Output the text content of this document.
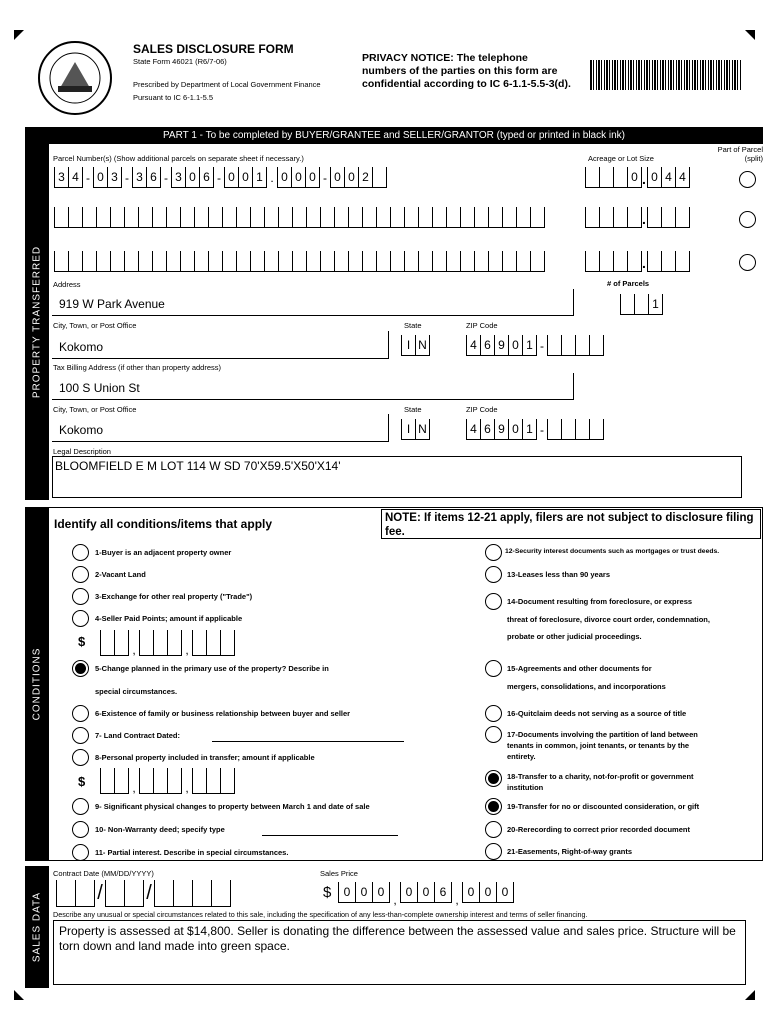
SALES DISCLOSURE FORM
State Form 46021 (R6/7-06)
Prescribed by Department of Local Government Finance
Pursuant to IC 6-1.1-5.5
PRIVACY NOTICE: The telephone numbers of the parties on this form are confidential according to IC 6-1.1-5.5-3(d).
PART 1 - To be completed by BUYER/GRANTEE and SELLER/GRANTOR (typed or printed in black ink)
PROPERTY TRANSFERRED
Parcel Number(s) (Show additional parcels on separate sheet if necessary.)	Acreage or Lot Size
Part of Parcel (split)
3 4 - 0 3 - 3 6 - 3 0 6 - 0 0 1 . 0 0 0 - 0 0 2	0 . 0 4 4
.
.
Address	# of Parcels
919 W Park Avenue	1
City, Town, or Post Office	State	ZIP Code
Kokomo	I N	4 6 9 0 1 -
Tax Billing Address (if other than property address)
100 S Union St
City, Town, or Post Office	State	ZIP Code
Kokomo	I N	4 6 9 0 1 -
Legal Description
BLOOMFIELD E M LOT 114 W SD 70'X59.5'X50'X14'
CONDITIONS
Identify all conditions/items that apply	NOTE: If items 12-21 apply, filers are not subject to disclosure filing fee.
1-Buyer is an adjacent property owner
2-Vacant Land
3-Exchange for other real property ("Trade")
4-Seller Paid Points; amount if applicable
$
,	,
5-Change planned in the primary use of the property? Describe in
special circumstances.
6-Existence of family or business relationship between buyer and seller
7- Land Contract Dated:
8-Personal property included in transfer; amount if applicable
$	,	,
9- Significant physical changes to property between March 1 and date of sale
10- Non-Warranty deed; specify type
11- Partial interest. Describe in special circumstances.
12-Security interest documents such as mortgages or trust deeds.
13-Leases less than 90 years
14-Document resulting from foreclosure, or express
threat of foreclosure, divorce court order, condemnation,
probate or other judicial proceedings.
15-Agreements and other documents for
mergers, consolidations, and incorporations
16-Quitclaim deeds not serving as a source of title
17-Documents involving the partition of land between
tenants in common, joint tenants, or tenants by the
entirety.
18-Transfer to a charity, not-for-profit or government
institution
19-Transfer for no or discounted consideration, or gift
20-Rerecording to correct prior recorded document
21-Easements, Right-of-way grants
SALES DATA
Contract Date (MM/DD/YYYY)	Sales Price
/ /	$	0 0 0
,
0 0 6
,
0 0 0
Describe any unusual or special circumstances related to this sale, including the specification of any less-than-complete ownership interest and terms of seller financing.
Property is assessed at $14,800. Seller is donating the difference between the assessed value and sales price. Structure will be torn down and land made into green space.
